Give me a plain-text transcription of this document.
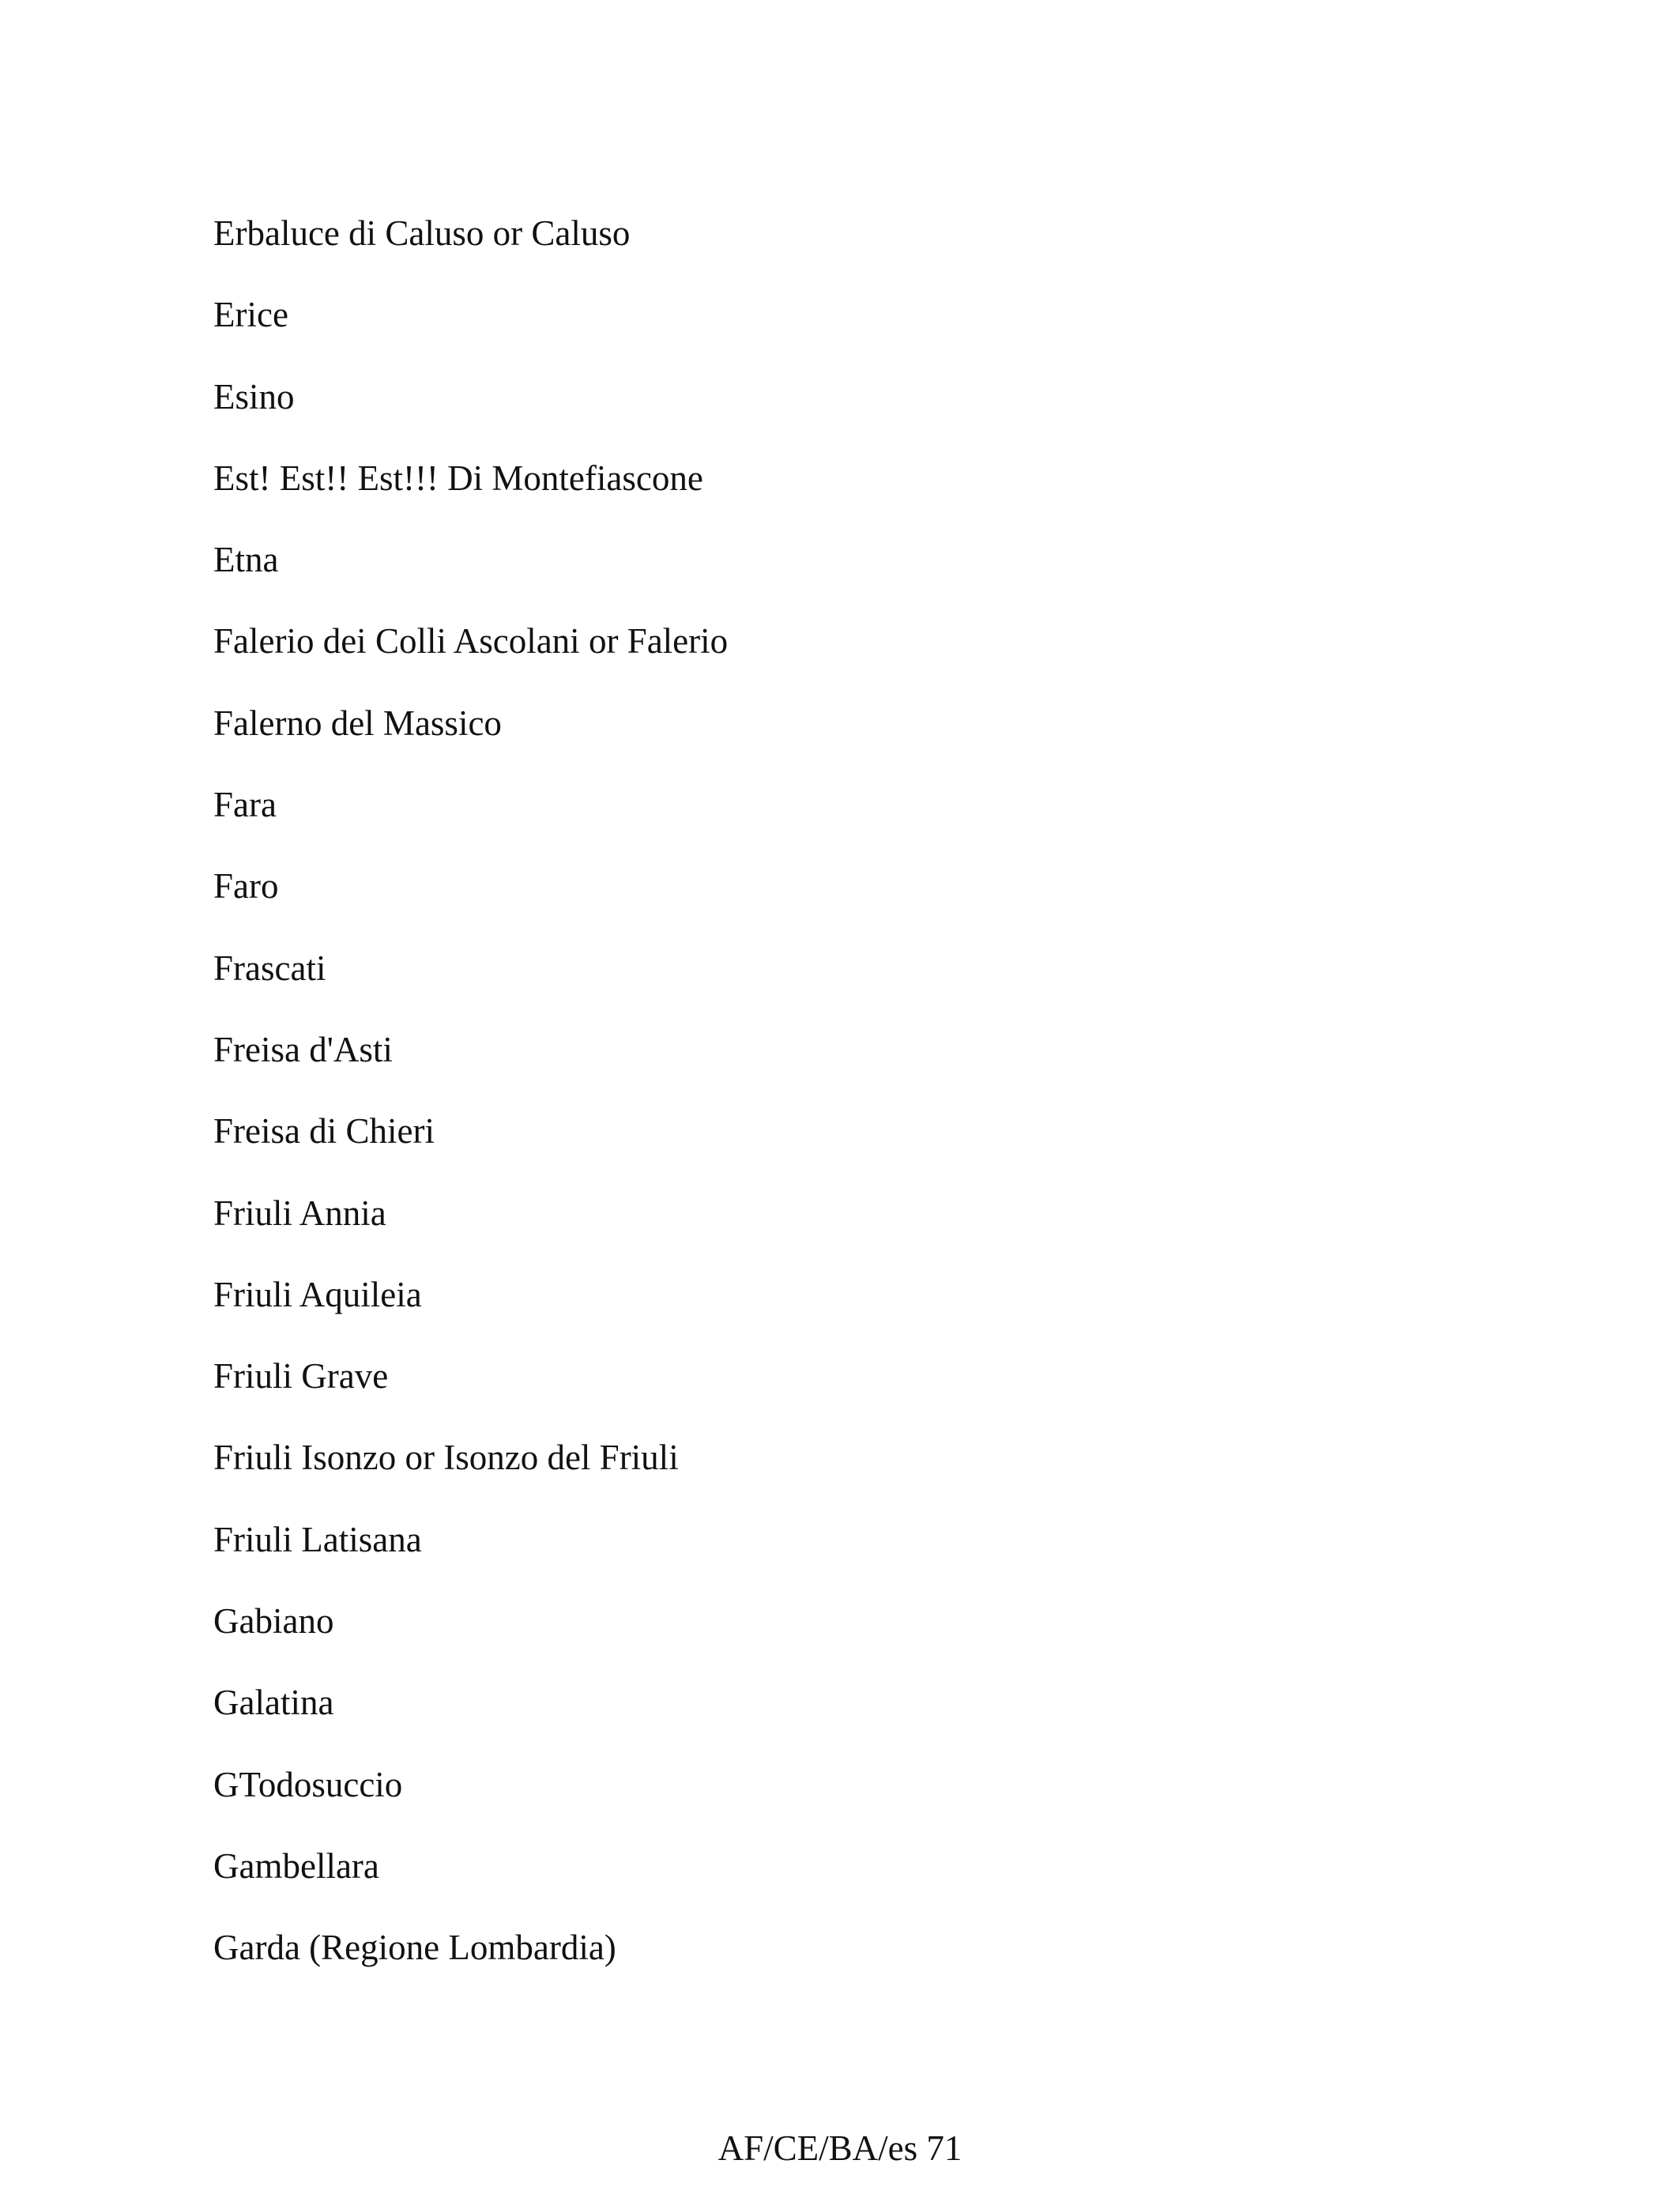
Erbaluce di Caluso or Caluso
Erice
Esino
Est! Est!! Est!!! Di Montefiascone
Etna
Falerio dei Colli Ascolani or Falerio
Falerno del Massico
Fara
Faro
Frascati
Freisa d'Asti
Freisa di Chieri
Friuli Annia
Friuli Aquileia
Friuli Grave
Friuli Isonzo or Isonzo del Friuli
Friuli Latisana
Gabiano
Galatina
GTodosuccio
Gambellara
Garda (Regione Lombardia)
AF/CE/BA/es 71
